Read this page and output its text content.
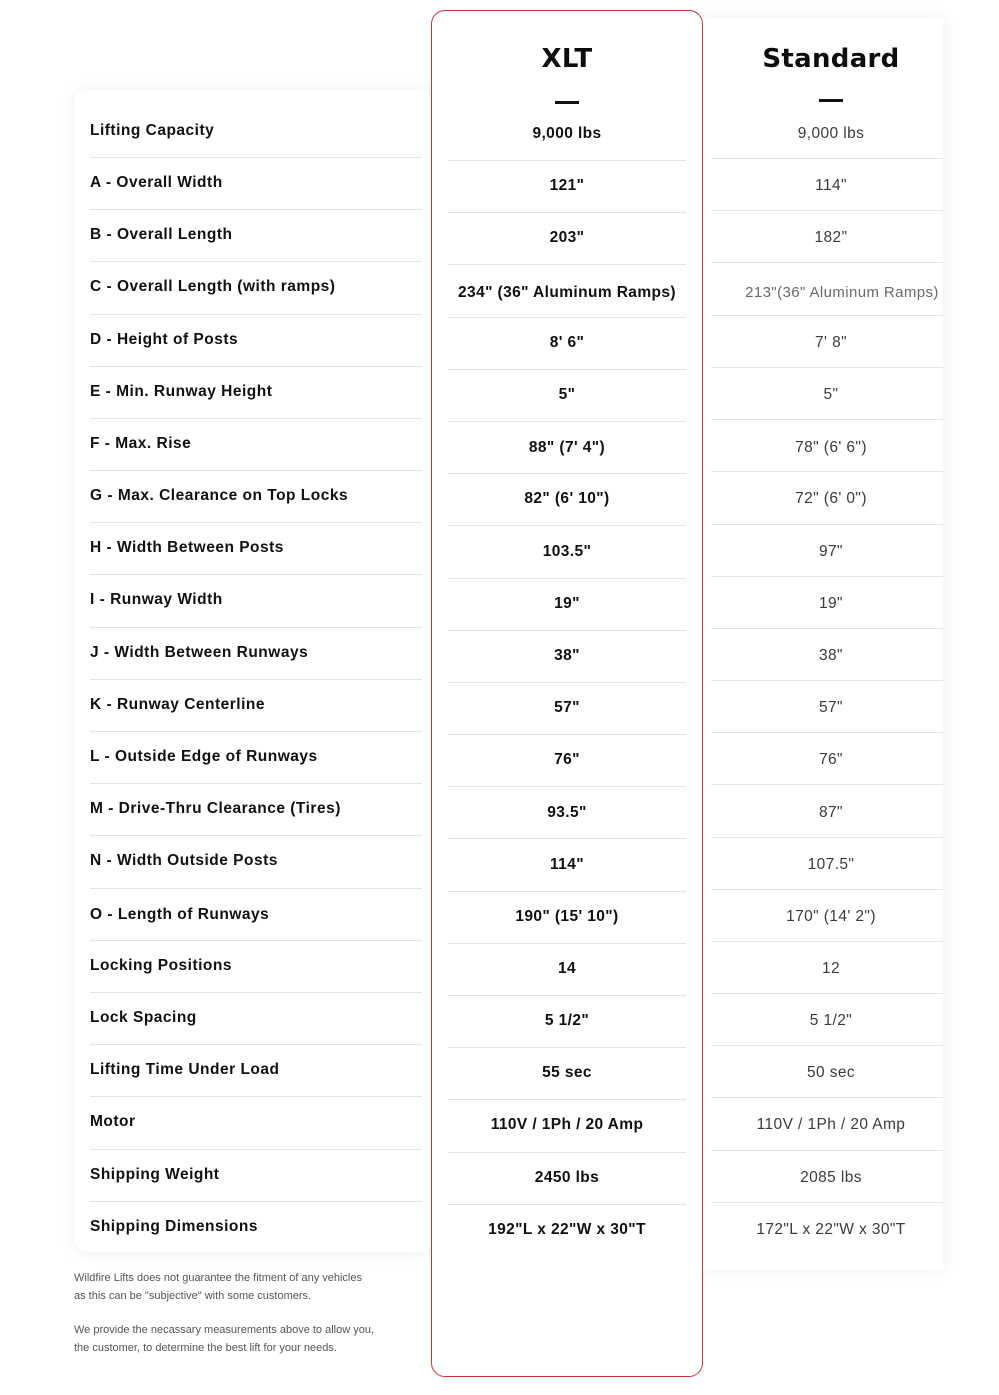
XLT	Standard
Lifting Capacity	9,000 lbs	9,000 lbs
A - Overall Width	121"	114"
B - Overall Length	203"	182"
C - Overall Length (with ramps)	234" (36" Aluminum Ramps)	213"(36" Aluminum Ramps)
D - Height of Posts	8' 6"	7' 8"
E - Min. Runway Height	5"	5"
F - Max. Rise	88" (7' 4")	78" (6' 6")
G - Max. Clearance on Top Locks	82" (6' 10")	72" (6' 0")
H - Width Between Posts	103.5"	97"
I - Runway Width	19"	19"
J - Width Between Runways	38"	38"
K - Runway Centerline	57"	57"
L - Outside Edge of Runways	76"	76"
M - Drive-Thru Clearance (Tires)	93.5"	87"
N - Width Outside Posts	114"	107.5"
O - Length of Runways	190" (15' 10")	170" (14' 2")
Locking Positions	14	12
Lock Spacing	5 1/2"	5 1/2"
Lifting Time Under Load	55 sec	50 sec
Motor	110V / 1Ph / 20 Amp	110V / 1Ph / 20 Amp
Shipping Weight	2450 lbs	2085 lbs
Shipping Dimensions	192"L x 22"W x 30"T	172"L x 22"W x 30"T
Wildfire Lifts does not guarantee the fitment of any vehicles
as this can be "subjective" with some customers.
We provide the necassary measurements above to allow you,
the customer, to determine the best lift for your needs.
